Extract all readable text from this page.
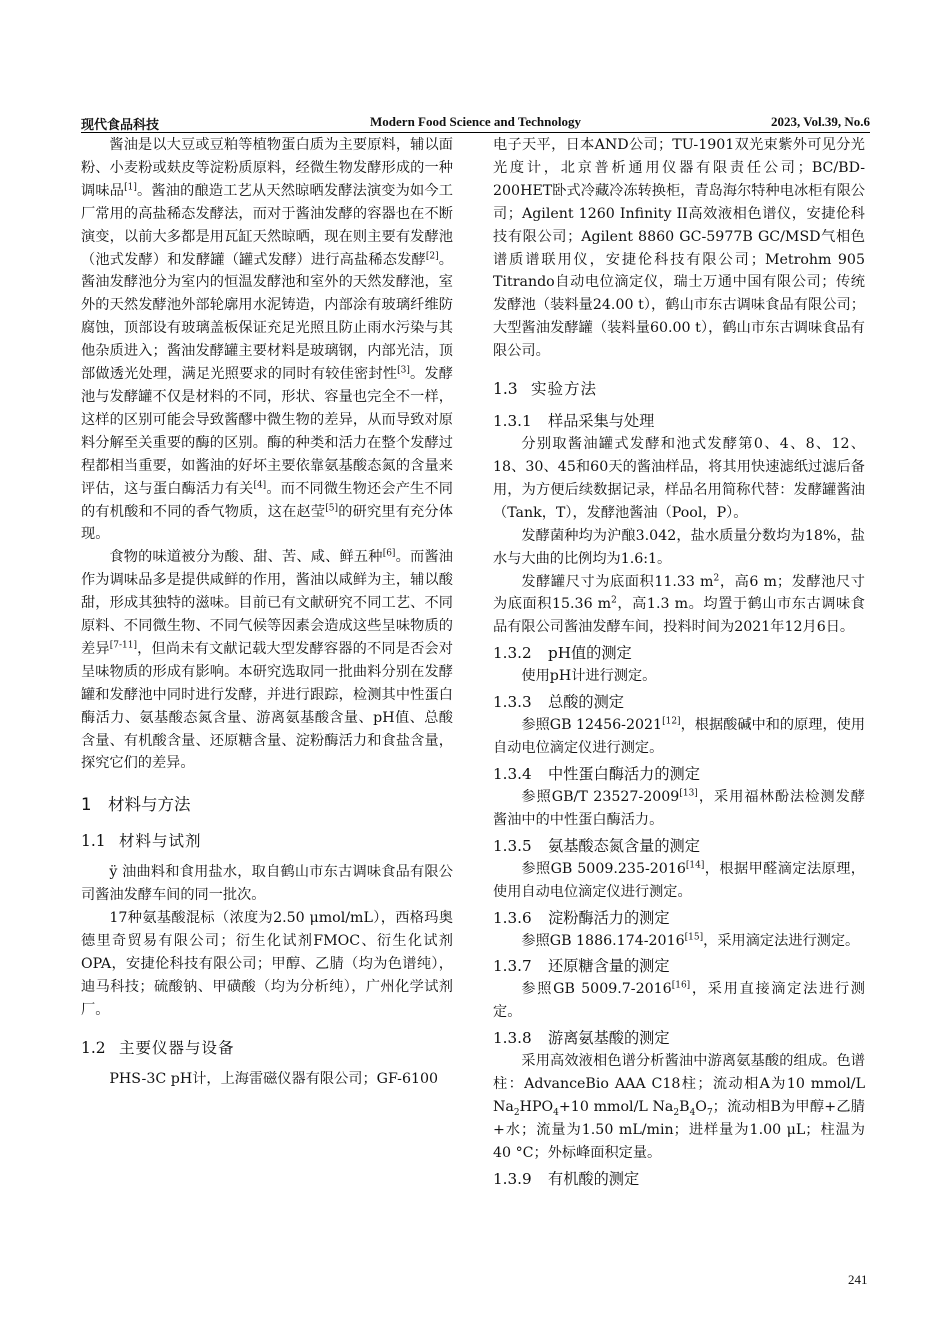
现代食品科技	Modern Food Science and Technology	2023, Vol.39, No.6

酱油是以大豆或豆粕等植物蛋白质为主要原料，辅以面粉、小麦粉或麸皮等淀粉质原料，经微生物发酵形成的一种调味品[1]。酱油的酿造工艺从天然晾晒发酵法演变为如今工厂常用的高盐稀态发酵法，而对于酱油发酵的容器也在不断演变，以前大多都是用瓦缸天然晾晒，现在则主要有发酵池（池式发酵）和发酵罐（罐式发酵）进行高盐稀态发酵[2]。酱油发酵池分为室内的恒温发酵池和室外的天然发酵池，室外的天然发酵池外部轮廓用水泥铸造，内部涂有玻璃纤维防腐蚀，顶部设有玻璃盖板保证充足光照且防止雨水污染与其他杂质进入；酱油发酵罐主要材料是玻璃钢，内部光洁，顶部做透光处理，满足光照要求的同时有较佳密封性[3]。发酵池与发酵罐不仅是材料的不同，形状、容量也完全不一样，这样的区别可能会导致酱醪中微生物的差异，从而导致对原料分解至关重要的酶的区别。酶的种类和活力在整个发酵过程都相当重要，如酱油的好坏主要依靠氨基酸态氮的含量来评估，这与蛋白酶活力有关[4]。而不同微生物还会产生不同的有机酸和不同的香气物质，这在赵莹[5]的研究里有充分体现。

食物的味道被分为酸、甜、苦、咸、鲜五种[6]。而酱油作为调味品多是提供咸鲜的作用，酱油以咸鲜为主，辅以酸甜，形成其独特的滋味。目前已有文献研究不同工艺、不同原料、不同微生物、不同气候等因素会造成这些呈味物质的差异[7-11]，但尚未有文献记载大型发酵容器的不同是否会对呈味物质的形成有影响。本研究选取同一批曲料分别在发酵罐和发酵池中同时进行发酵，并进行跟踪，检测其中性蛋白酶活力、氨基酸态氮含量、游离氨基酸含量、pH值、总酸含量、有机酸含量、还原糖含量、淀粉酶活力和食盐含量，探究它们的差异。

1 材料与方法
1.1 材料与试剂

ÿ 油曲料和食用盐水，取自鹤山市东古调味食品有限公司酱油发酵车间的同一批次。

17种氨基酸混标（浓度为2.50 μmol/mL），西格玛奥德里奇贸易有限公司；衍生化试剂FMOC、衍生化试剂OPA，安捷伦科技有限公司；甲醇、乙腈（均为色谱纯），迪马科技；硫酸钠、甲磺酸（均为分析纯），广州化学试剂厂。

1.2 主要仪器与设备

PHS-3C pH计，上海雷磁仪器有限公司；GF-6100

电子天平，日本AND公司；TU-1901双光束紫外可见分光光度计，北京普析通用仪器有限责任公司；BC/BD-200HET卧式冷藏冷冻转换柜，青岛海尔特种电冰柜有限公司；Agilent 1260 Infinity II高效液相色谱仪，安捷伦科技有限公司；Agilent 8860 GC-5977B GC/MSD气相色谱质谱联用仪，安捷伦科技有限公司；Metrohm 905 Titrando自动电位滴定仪，瑞士万通中国有限公司；传统发酵池（装料量24.00 t），鹤山市东古调味食品有限公司；大型酱油发酵罐（装料量60.00 t），鹤山市东古调味食品有限公司。

1.3 实验方法
1.3.1 样品采集与处理

分别取酱油罐式发酵和池式发酵第0、4、8、12、18、30、45和60天的酱油样品，将其用快速滤纸过滤后备用，为方便后续数据记录，样品名用简称代替：发酵罐酱油（Tank，T），发酵池酱油（Pool，P）。

发酵菌种均为沪酿3.042，盐水质量分数均为18%，盐水与大曲的比例均为1.6:1。

发酵罐尺寸为底面积11.33 $m^2$，高6 m；发酵池尺寸为底面积15.36 $m^2$，高1.3 m。均置于鹤山市东古调味食品有限公司酱油发酵车间，投料时间为2021年12月6日。

1.3.2 pH值的测定

使用pH计进行测定。

1.3.3 总酸的测定

参照GB 12456-2021[12]，根据酸碱中和的原理，使用自动电位滴定仪进行测定。

1.3.4 中性蛋白酶活力的测定

参照GB/T 23527-2009[13]，采用福林酚法检测发酵酱油中的中性蛋白酶活力。

1.3.5 氨基酸态氮含量的测定

参照GB 5009.235-2016[14]，根据甲醛滴定法原理，使用自动电位滴定仪进行测定。

1.3.6 淀粉酶活力的测定

参照GB 1886.174-2016[15]，采用滴定法进行测定。

1.3.7 还原糖含量的测定

参照GB 5009.7-2016[16]，采用直接滴定法进行测定。

1.3.8 游离氨基酸的测定

采用高效液相色谱分析酱油中游离氨基酸的组成。色谱柱：AdvanceBio AAA C18柱；流动相A为10 mmol/L $Na_2HPO_4+10$ mmol/L $Na_2B_4O_7$；流动相B为甲醇+乙腈+水；流量为1.50 mL/min；进样量为1.00 μL；柱温为40 °C；外标峰面积定量。

1.3.9 有机酸的测定
241
